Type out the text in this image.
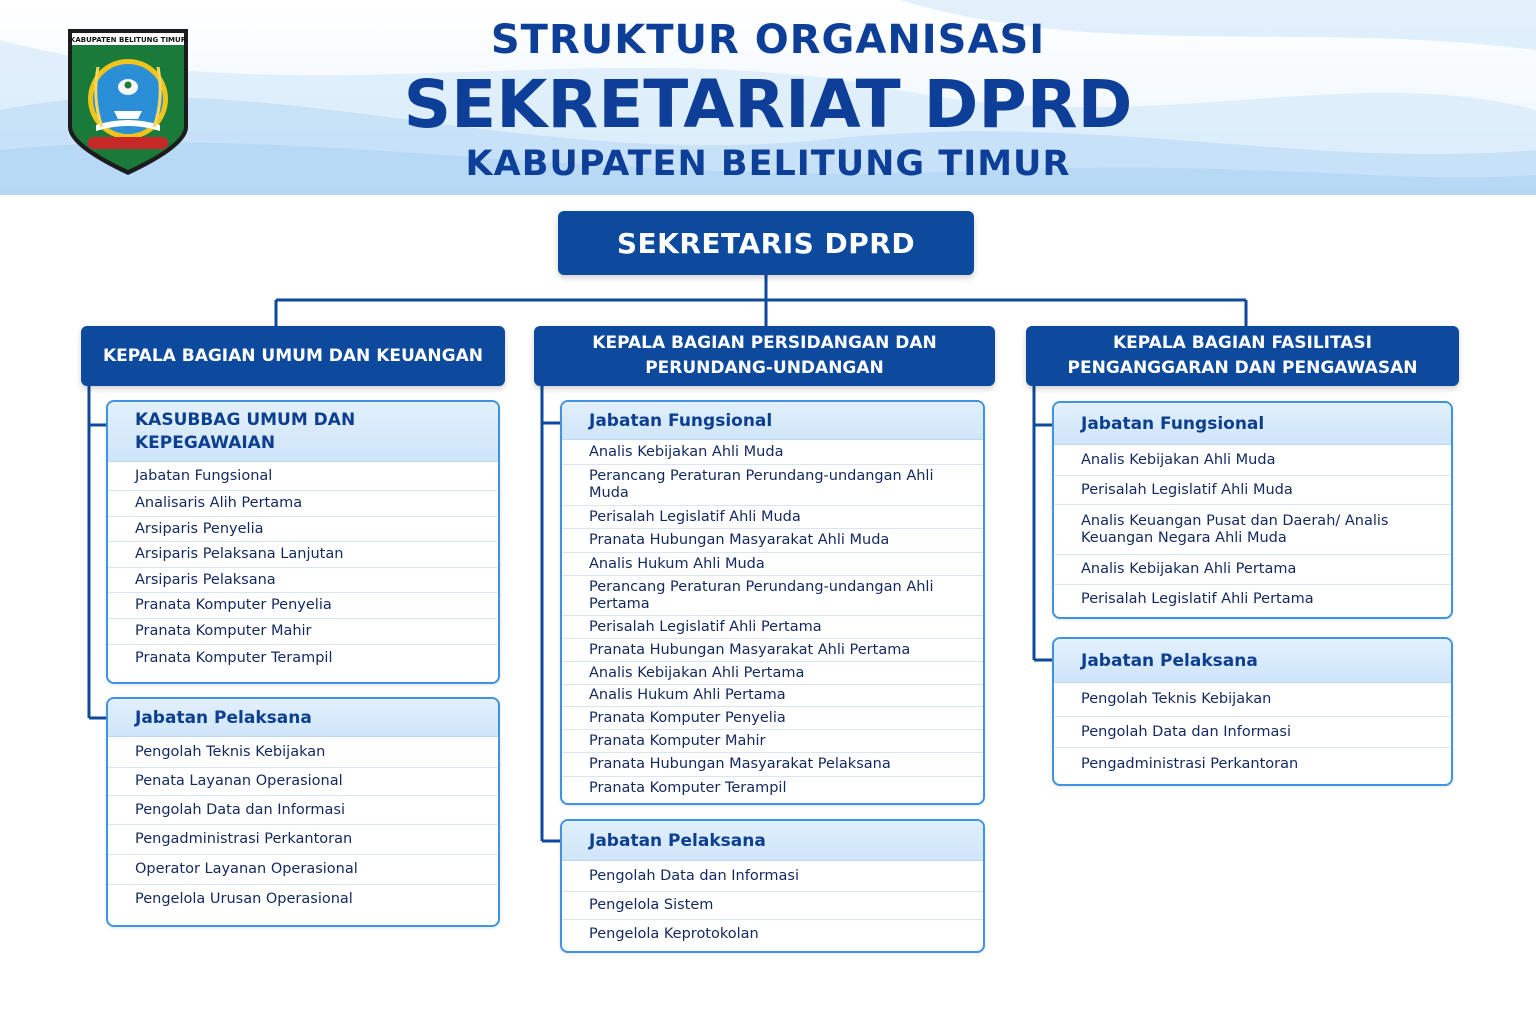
KABUPATEN BELITUNG TIMUR	STRUKTUR ORGANISASI
SEKRETARIAT DPRD
KABUPATEN BELITUNG TIMUR
SEKRETARIS DPRD
KEPALA BAGIAN UMUM DAN KEUANGAN
KEPALA BAGIAN PERSIDANGAN DAN PERUNDANG-UNDANGAN
KEPALA BAGIAN FASILITASI PENGANGGARAN DAN PENGAWASAN
KASUBBAG UMUM DAN KEPEGAWAIAN
Jabatan Fungsional
Analisaris Alih Pertama
Arsiparis Penyelia
Arsiparis Pelaksana Lanjutan
Arsiparis Pelaksana
Pranata Komputer Penyelia
Pranata Komputer Mahir
Pranata Komputer Terampil
Jabatan Pelaksana
Pengolah Teknis Kebijakan
Penata Layanan Operasional
Pengolah Data dan Informasi
Pengadministrasi Perkantoran
Operator Layanan Operasional
Pengelola Urusan Operasional
Jabatan Fungsional
Analis Kebijakan Ahli Muda
Perancang Peraturan Perundang-undangan Ahli Muda
Perisalah Legislatif Ahli Muda
Pranata Hubungan Masyarakat Ahli Muda
Analis Hukum Ahli Muda
Perancang Peraturan Perundang-undangan Ahli Pertama
Perisalah Legislatif Ahli Pertama
Pranata Hubungan Masyarakat Ahli Pertama
Analis Kebijakan Ahli Pertama
Analis Hukum Ahli Pertama
Pranata Komputer Penyelia
Pranata Komputer Mahir
Pranata Hubungan Masyarakat Pelaksana
Pranata Komputer Terampil
Jabatan Pelaksana
Pengolah Data dan Informasi
Pengelola Sistem
Pengelola Keprotokolan
Jabatan Fungsional
Analis Kebijakan Ahli Muda
Perisalah Legislatif Ahli Muda
Analis Keuangan Pusat dan Daerah/ Analis Keuangan Negara Ahli Muda
Analis Kebijakan Ahli Pertama
Perisalah Legislatif Ahli Pertama
Jabatan Pelaksana
Pengolah Teknis Kebijakan
Pengolah Data dan Informasi
Pengadministrasi Perkantoran
